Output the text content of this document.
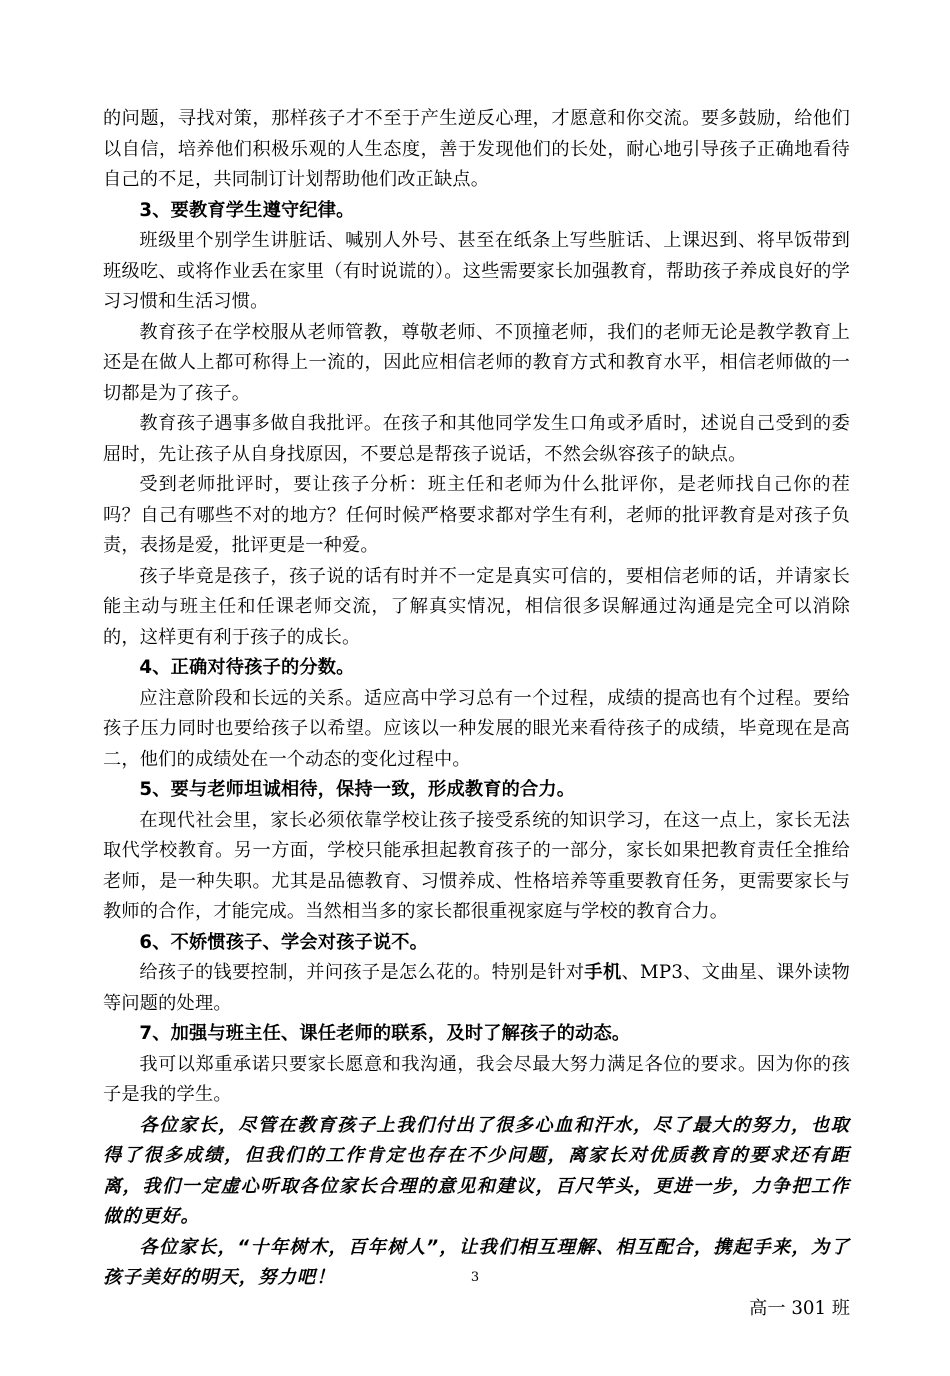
的问题，寻找对策，那样孩子才不至于产生逆反心理，才愿意和你交流。要多鼓励，给他们以自信，培养他们积极乐观的人生态度，善于发现他们的长处，耐心地引导孩子正确地看待自己的不足，共同制订计划帮助他们改正缺点。

3、要教育学生遵守纪律。

班级里个别学生讲脏话、喊别人外号、甚至在纸条上写些脏话、上课迟到、将早饭带到班级吃、或将作业丢在家里（有时说谎的）。这些需要家长加强教育，帮助孩子养成良好的学习习惯和生活习惯。

教育孩子在学校服从老师管教，尊敬老师、不顶撞老师，我们的老师无论是教学教育上还是在做人上都可称得上一流的，因此应相信老师的教育方式和教育水平，相信老师做的一切都是为了孩子。

教育孩子遇事多做自我批评。在孩子和其他同学发生口角或矛盾时，述说自己受到的委屈时，先让孩子从自身找原因，不要总是帮孩子说话，不然会纵容孩子的缺点。

受到老师批评时，要让孩子分析：班主任和老师为什么批评你，是老师找自己你的茬吗？自己有哪些不对的地方？任何时候严格要求都对学生有利，老师的批评教育是对孩子负责，表扬是爱，批评更是一种爱。

孩子毕竟是孩子，孩子说的话有时并不一定是真实可信的，要相信老师的话，并请家长能主动与班主任和任课老师交流，了解真实情况，相信很多误解通过沟通是完全可以消除的，这样更有利于孩子的成长。

4、正确对待孩子的分数。

应注意阶段和长远的关系。适应高中学习总有一个过程，成绩的提高也有个过程。要给孩子压力同时也要给孩子以希望。应该以一种发展的眼光来看待孩子的成绩，毕竟现在是高二，他们的成绩处在一个动态的变化过程中。

5、要与老师坦诚相待，保持一致，形成教育的合力。

在现代社会里，家长必须依靠学校让孩子接受系统的知识学习，在这一点上，家长无法取代学校教育。另一方面，学校只能承担起教育孩子的一部分，家长如果把教育责任全推给老师，是一种失职。尤其是品德教育、习惯养成、性格培养等重要教育任务，更需要家长与教师的合作，才能完成。当然相当多的家长都很重视家庭与学校的教育合力。

6、不娇惯孩子、学会对孩子说不。

给孩子的钱要控制，并问孩子是怎么花的。特别是针对手机、MP3、文曲星、课外读物等问题的处理。

7、加强与班主任、课任老师的联系，及时了解孩子的动态。

我可以郑重承诺只要家长愿意和我沟通，我会尽最大努力满足各位的要求。因为你的孩子是我的学生。

各位家长，尽管在教育孩子上我们付出了很多心血和汗水，尽了最大的努力，也取得了很多成绩，但我们的工作肯定也存在不少问题，离家长对优质教育的要求还有距离，我们一定虚心听取各位家长合理的意见和建议，百尺竿头，更进一步，力争把工作做的更好。

各位家长，“十年树木，百年树人”，让我们相互理解、相互配合，携起手来，为了孩子美好的明天，努力吧！

高一 301 班

3
